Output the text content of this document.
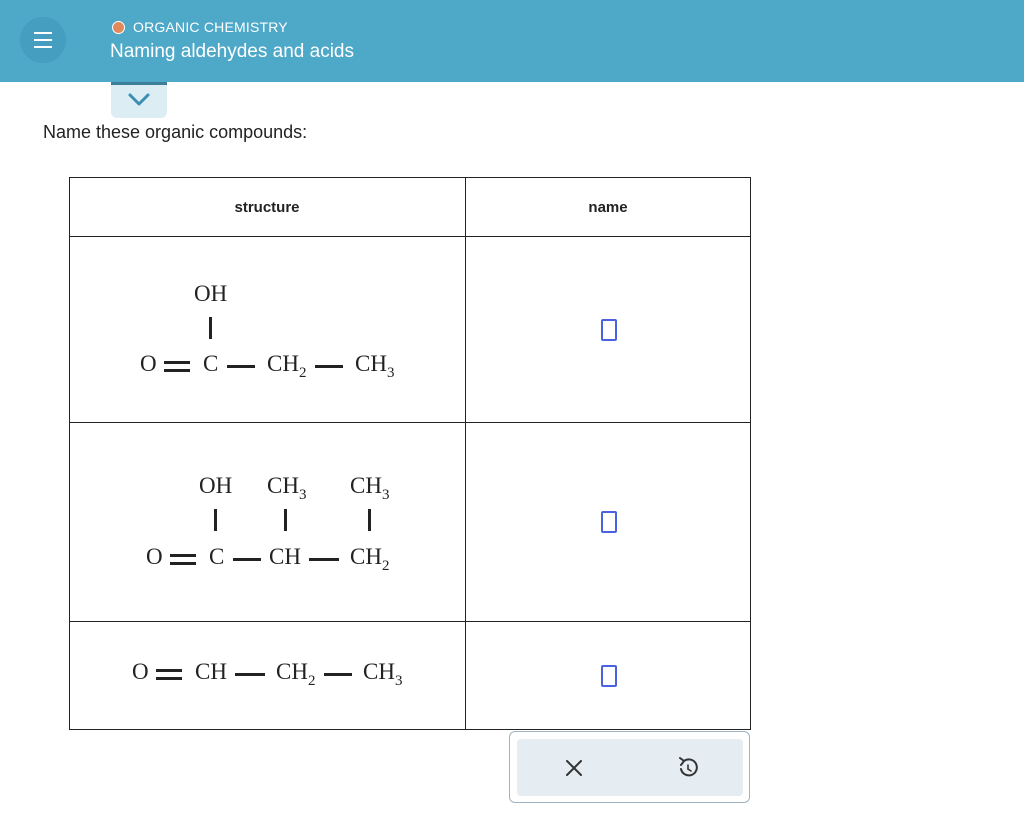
ORGANIC CHEMISTRY
Naming aldehydes and acids
Name these organic compounds:
structure	name
OH
O C $CH_2$ $CH_3$
OH $CH_3$ $CH_3$
O C CH $CH_2$
O CH $CH_2$ $CH_3$
